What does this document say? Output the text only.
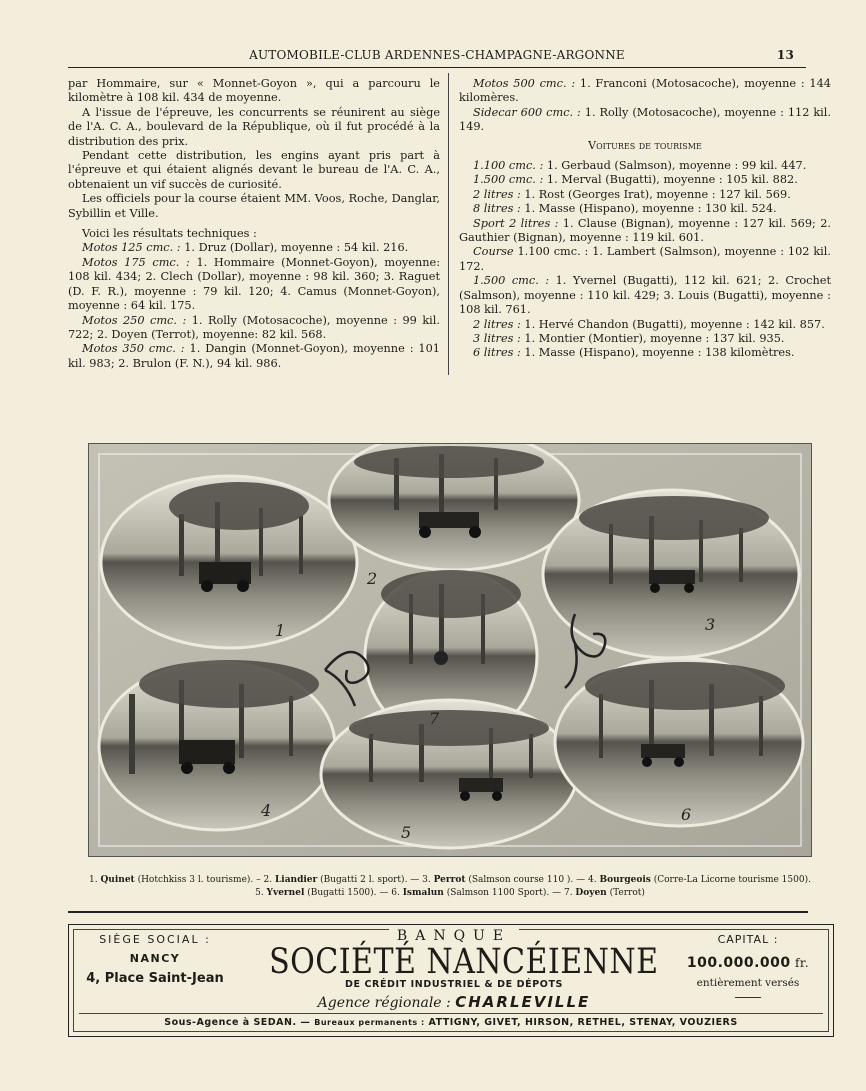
AUTOMOBILE-CLUB ARDENNES-CHAMPAGNE-ARGONNE	13

par Hommaire, sur « Monnet-Goyon », qui a parcouru le kilomètre à 108 kil. 434 de moyenne.

A l'issue de l'épreuve, les concurrents se réunirent au siège de l'A. C. A., boulevard de la République, où il fut procédé à la distribution des prix.

Pendant cette distribution, les engins ayant pris part à l'épreuve et qui étaient alignés devant le bureau de l'A. C. A., obtenaient un vif succès de curiosité.

Les officiels pour la course étaient MM. Voos, Roche, Danglar, Sybillin et Ville.

Voici les résultats techniques :

Motos 125 cmc. : 1. Druz (Dollar), moyenne : 54 kil. 216.

Motos 175 cmc. : 1. Hommaire (Monnet-Goyon), moyenne: 108 kil. 434; 2. Clech (Dollar), moyenne : 98 kil. 360; 3. Raguet (D. F. R.), moyenne : 79 kil. 120; 4. Camus (Monnet-Goyon), moyenne : 64 kil. 175.

Motos 250 cmc. : 1. Rolly (Motosacoche), moyenne : 99 kil. 722; 2. Doyen (Terrot), moyenne: 82 kil. 568.

Motos 350 cmc. : 1. Dangin (Monnet-Goyon), moyenne : 101 kil. 983; 2. Brulon (F. N.), 94 kil. 986.

Motos 500 cmc. : 1. Franconi (Motosacoche), moyenne : 144 kilomères.

Sidecar 600 cmc. : 1. Rolly (Motosacoche), moyenne : 112 kil. 149.

Voitures de tourisme

1.100 cmc. : 1. Gerbaud (Salmson), moyenne : 99 kil. 447.

1.500 cmc. : 1. Merval (Bugatti), moyenne : 105 kil. 882.

2 litres : 1. Rost (Georges Irat), moyenne : 127 kil. 569.

8 litres : 1. Masse (Hispano), moyenne : 130 kil. 524.

Sport 2 litres : 1. Clause (Bignan), moyenne : 127 kil. 569; 2. Gauthier (Bignan), moyenne : 119 kil. 601.

Course 1.100 cmc. : 1. Lambert (Salmson), moyenne : 102 kil. 172.

1.500 cmc. : 1. Yvernel (Bugatti), 112 kil. 621; 2. Crochet (Salmson), moyenne : 110 kil. 429; 3. Louis (Bugatti), moyenne : 108 kil. 761.

2 litres : 1. Hervé Chandon (Bugatti), moyenne : 142 kil. 857.

3 litres : 1. Montier (Montier), moyenne : 137 kil. 935.

6 litres : 1. Masse (Hispano), moyenne : 138 kilomètres.

1
2
3
4
5
6
7
1. Quinet (Hotchkiss 3 l. tourisme). – 2. Liandier (Bugatti 2 l. sport). — 3. Perrot (Salmson course 110 ). — 4. Bourgeois (Corre-La Licorne tourisme 1500).
5. Yvernel (Bugatti 1500). — 6. Ismalun (Salmson 1100 Sport). — 7. Doyen (Terrot)
SIÈGE SOCIAL :
NANCY
4, Place Saint-Jean
BANQUE
SOCIÉTÉ NANCÉIENNE
DE CRÉDIT INDUSTRIEL & DE DÉPOTS
Agence régionale : CHARLEVILLE
CAPITAL :
100.000.000 fr.
entièrement versés
Sous-Agence à SEDAN. — Bureaux permanents : ATTIGNY, GIVET, HIRSON, RETHEL, STENAY, VOUZIERS
